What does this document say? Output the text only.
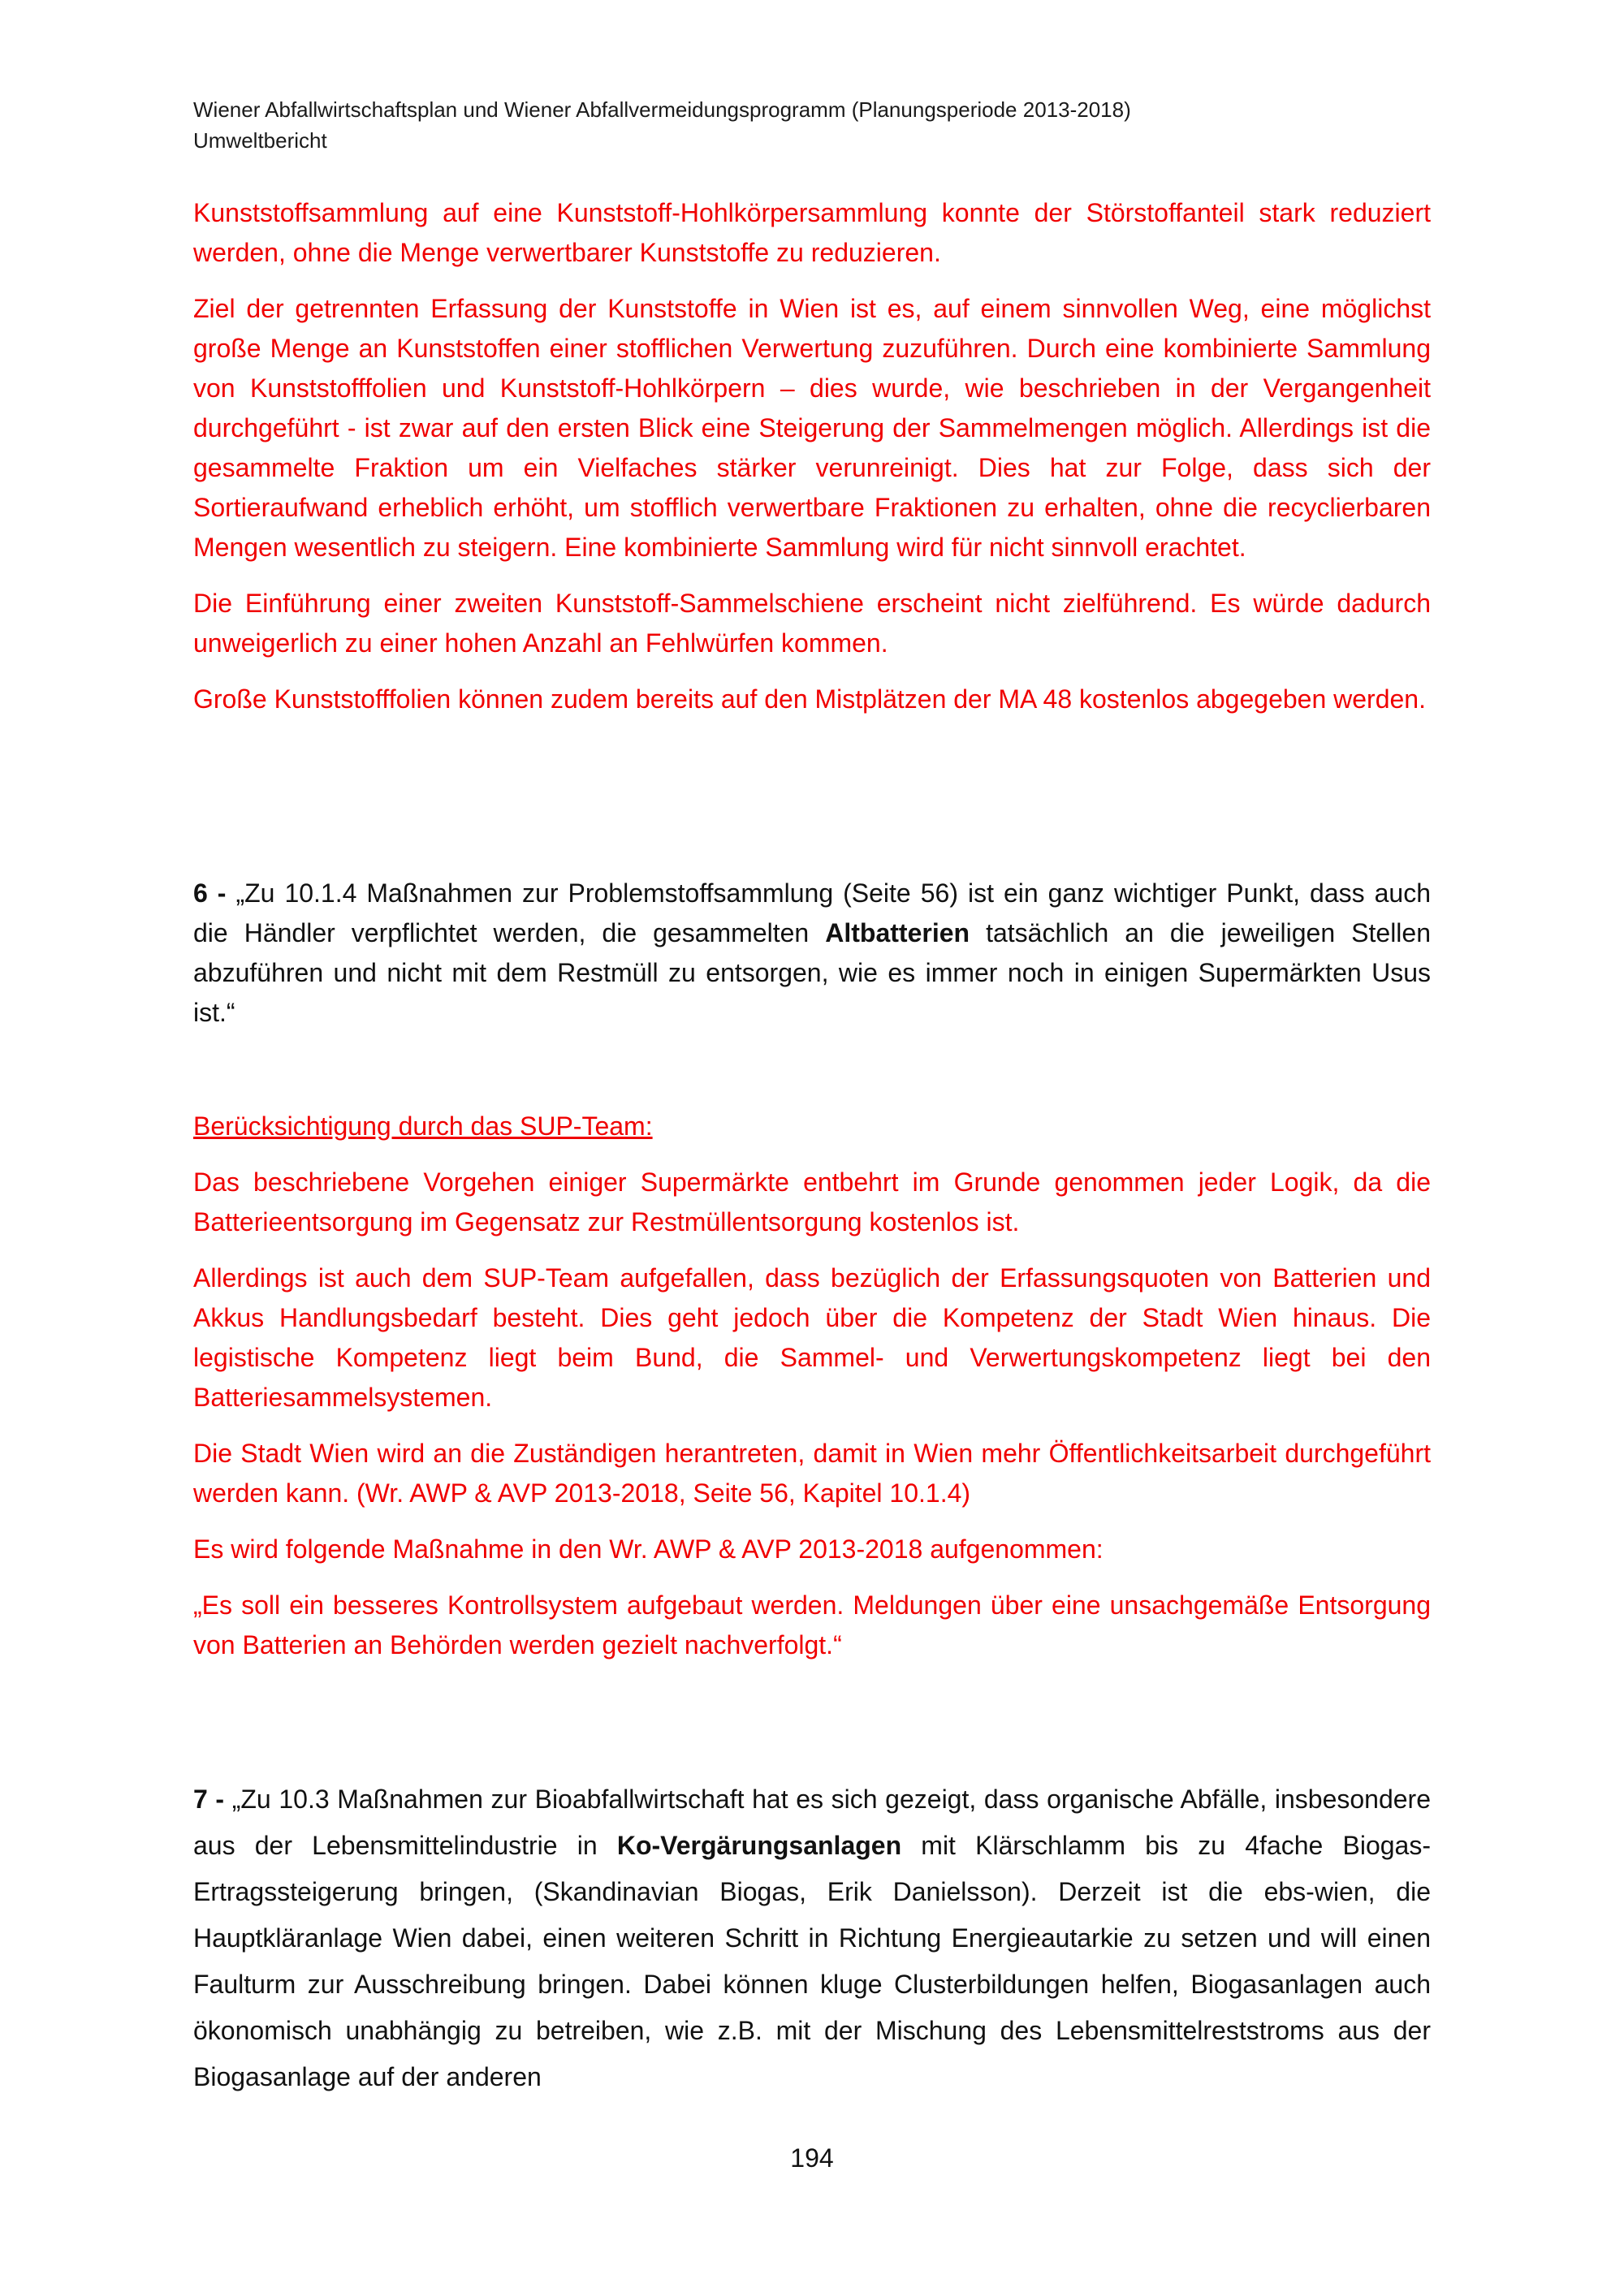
Wiener Abfallwirtschaftsplan und Wiener Abfallvermeidungsprogramm (Planungsperiode 2013-2018)
Umweltbericht

Kunststoffsammlung auf eine Kunststoff-Hohlkörpersammlung konnte der Störstoffanteil stark reduziert werden, ohne die Menge verwertbarer Kunststoffe zu reduzieren.

Ziel der getrennten Erfassung der Kunststoffe in Wien ist es, auf einem sinnvollen Weg, eine möglichst große Menge an Kunststoffen einer stofflichen Verwertung zuzuführen. Durch eine kombinierte Sammlung von Kunststofffolien und Kunststoff-Hohlkörpern – dies wurde, wie beschrieben in der Vergangenheit durchgeführt - ist zwar auf den ersten Blick eine Steigerung der Sammelmengen möglich. Allerdings ist die gesammelte Fraktion um ein Vielfaches stärker verunreinigt. Dies hat zur Folge, dass sich der Sortieraufwand erheblich erhöht, um stofflich verwertbare Fraktionen zu erhalten, ohne die recyclierbaren Mengen wesentlich zu steigern. Eine kombinierte Sammlung wird für nicht sinnvoll erachtet.

Die Einführung einer zweiten Kunststoff-Sammelschiene erscheint nicht zielführend. Es würde dadurch unweigerlich zu einer hohen Anzahl an Fehlwürfen kommen.

Große Kunststofffolien können zudem bereits auf den Mistplätzen der MA 48 kostenlos abgegeben werden.

6 - „Zu 10.1.4 Maßnahmen zur Problemstoffsammlung (Seite 56) ist ein ganz wichtiger Punkt, dass auch die Händler verpflichtet werden, die gesammelten Altbatterien tatsächlich an die jeweiligen Stellen abzuführen und nicht mit dem Restmüll zu entsorgen, wie es immer noch in einigen Supermärkten Usus ist.“

Berücksichtigung durch das SUP-Team:

Das beschriebene Vorgehen einiger Supermärkte entbehrt im Grunde genommen jeder Logik, da die Batterieentsorgung im Gegensatz zur Restmüllentsorgung kostenlos ist.

Allerdings ist auch dem SUP-Team aufgefallen, dass bezüglich der Erfassungsquoten von Batterien und Akkus Handlungsbedarf besteht. Dies geht jedoch über die Kompetenz der Stadt Wien hinaus. Die legistische Kompetenz liegt beim Bund, die Sammel- und Verwertungskompetenz liegt bei den Batteriesammelsystemen.

Die Stadt Wien wird an die Zuständigen herantreten, damit in Wien mehr Öffentlichkeitsarbeit durchgeführt werden kann. (Wr. AWP & AVP 2013-2018, Seite 56, Kapitel 10.1.4)

Es wird folgende Maßnahme in den Wr. AWP & AVP 2013-2018 aufgenommen:

„Es soll ein besseres Kontrollsystem aufgebaut werden. Meldungen über eine unsachgemäße Entsorgung von Batterien an Behörden werden gezielt nachverfolgt.“

7 - „Zu 10.3 Maßnahmen zur Bioabfallwirtschaft hat es sich gezeigt, dass organische Abfälle, insbesondere aus der Lebensmittelindustrie in Ko-Vergärungsanlagen mit Klärschlamm bis zu 4fache Biogas-Ertragssteigerung bringen, (Skandinavian Biogas, Erik Danielsson). Derzeit ist die ebs-wien, die Hauptkläranlage Wien dabei, einen weiteren Schritt in Richtung Energieautarkie zu setzen und will einen Faulturm zur Ausschreibung bringen. Dabei können kluge Clusterbildungen helfen, Biogasanlagen auch ökonomisch unabhängig zu betreiben, wie z.B. mit der Mischung des Lebensmittelreststroms aus der Biogasanlage auf der anderen

194
